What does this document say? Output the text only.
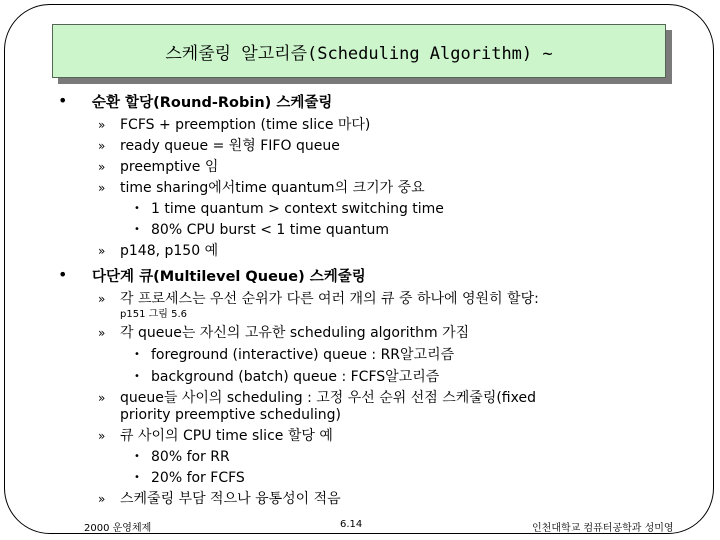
스케줄링 알고리즘(Scheduling Algorithm) ~
• 순환 할당(Round-Robin) 스케줄링
» FCFS + preemption (time slice 마다)
» ready queue = 원형 FIFO queue
» preemptive 임
» time sharing에서time quantum의 크기가 중요
• 1 time quantum > context switching time
• 80% CPU burst < 1 time quantum
» p148, p150 예
• 다단계 큐(Multilevel Queue) 스케줄링
» 각 프로세스는 우선 순위가 다른 여러 개의 큐 중 하나에 영원히 할당:
p151 그림 5.6
» 각 queue는 자신의 고유한 scheduling algorithm 가짐
• foreground (interactive) queue : RR알고리즘
• background (batch) queue : FCFS알고리즘
» queue들 사이의 scheduling : 고정 우선 순위 선점 스케줄링(fixed
priority preemptive scheduling)
» 큐 사이의 CPU time slice 할당 예
• 80% for RR
• 20% for FCFS
» 스케줄링 부담 적으나 융통성이 적음
2000 운영체제	6.14	인천대학교 컴퓨터공학과 성미영
